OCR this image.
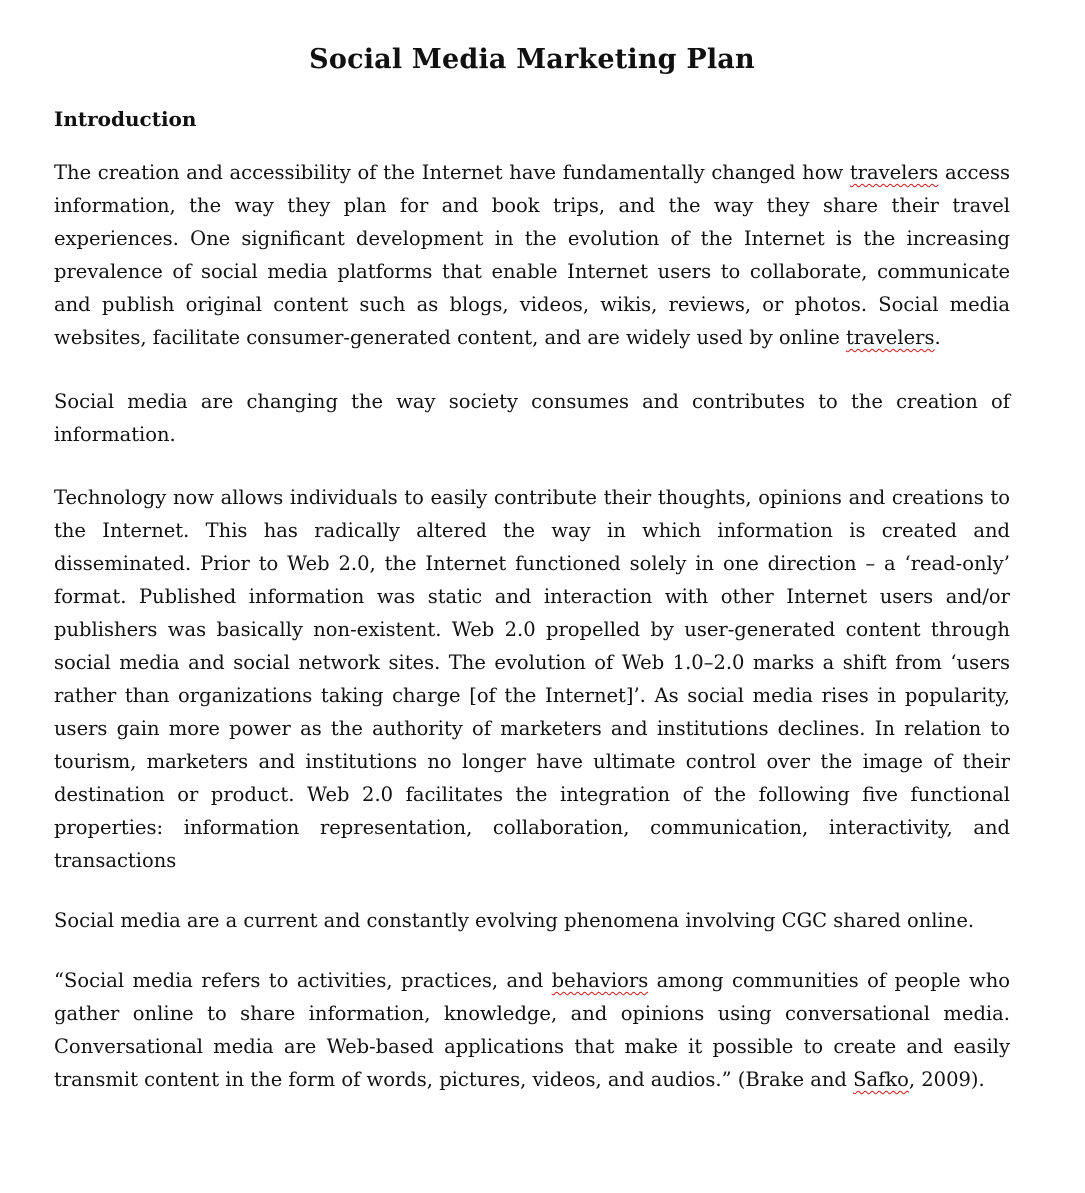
Social Media Marketing Plan
Introduction

The creation and accessibility of the Internet have fundamentally changed how travelers access information, the way they plan for and book trips, and the way they share their travel experiences. One significant development in the evolution of the Internet is the increasing prevalence of social media platforms that enable Internet users to collaborate, communicate and publish original content such as blogs, videos, wikis, reviews, or photos. Social media websites, facilitate consumer-generated content, and are widely used by online travelers.

Social media are changing the way society consumes and contributes to the creation of information.

Technology now allows individuals to easily contribute their thoughts, opinions and creations to the Internet. This has radically altered the way in which information is created and disseminated. Prior to Web 2.0, the Internet functioned solely in one direction – a ‘read-only’ format. Published information was static and interaction with other Internet users and/or publishers was basically non-existent. Web 2.0 propelled by user-generated content through social media and social network sites. The evolution of Web 1.0–2.0 marks a shift from ‘users rather than organizations taking charge [of the Internet]’. As social media rises in popularity, users gain more power as the authority of marketers and institutions declines. In relation to tourism, marketers and institutions no longer have ultimate control over the image of their destination or product. Web 2.0 facilitates the integration of the following five functional properties: information representation, collaboration, communication, interactivity, and transactions

Social media are a current and constantly evolving phenomena involving CGC shared online.

“Social media refers to activities, practices, and behaviors among communities of people who gather online to share information, knowledge, and opinions using conversational media. Conversational media are Web-based applications that make it possible to create and easily transmit content in the form of words, pictures, videos, and audios.” (Brake and Safko, 2009).
